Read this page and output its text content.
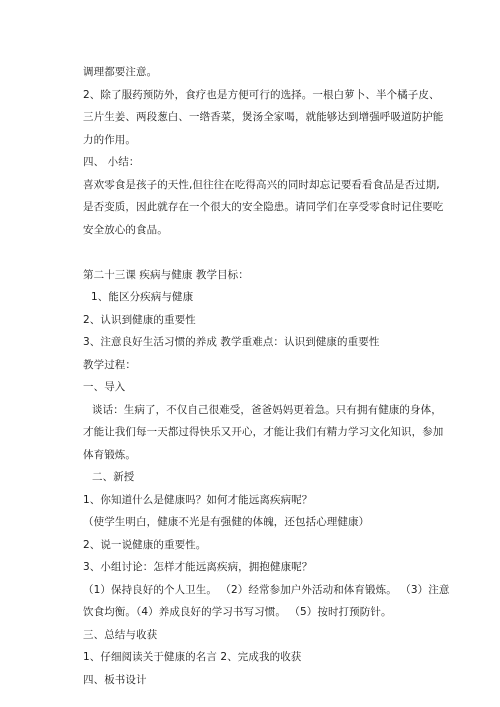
调理都要注意。
2、除了服药预防外，食疗也是方便可行的选择。一根白萝卜、半个橘子皮、
三片生姜、两段葱白、一绺香菜，煲汤全家喝，就能够达到增强呼吸道防护能
力的作用。
四、 小结：
喜欢零食是孩子的天性,但往往在吃得高兴的同时却忘记要看看食品是否过期,
是否变质，因此就存在一个很大的安全隐患。请同学们在享受零食时记住要吃
安全放心的食品。
第二十三课 疾病与健康 教学目标：
1、能区分疾病与健康
2、认识到健康的重要性
3、注意良好生活习惯的养成 教学重难点：认识到健康的重要性
教学过程：
一、导入
谈话：生病了，不仅自己很难受，爸爸妈妈更着急。只有拥有健康的身体，
才能让我们每一天都过得快乐又开心，才能让我们有精力学习文化知识，参加
体育锻炼。
二、新授
1、你知道什么是健康吗？如何才能远离疾病呢？
（使学生明白，健康不光是有强健的体魄，还包括心理健康）
2、说一说健康的重要性。
3、小组讨论：怎样才能远离疾病，拥抱健康呢？
（1）保持良好的个人卫生。 （2）经常参加户外活动和体育锻炼。 （3）注意
饮食均衡。（4）养成良好的学习书写习惯。 （5）按时打预防针。
三、总结与收获
1、仔细阅读关于健康的名言 2、完成我的收获
四、板书设计
